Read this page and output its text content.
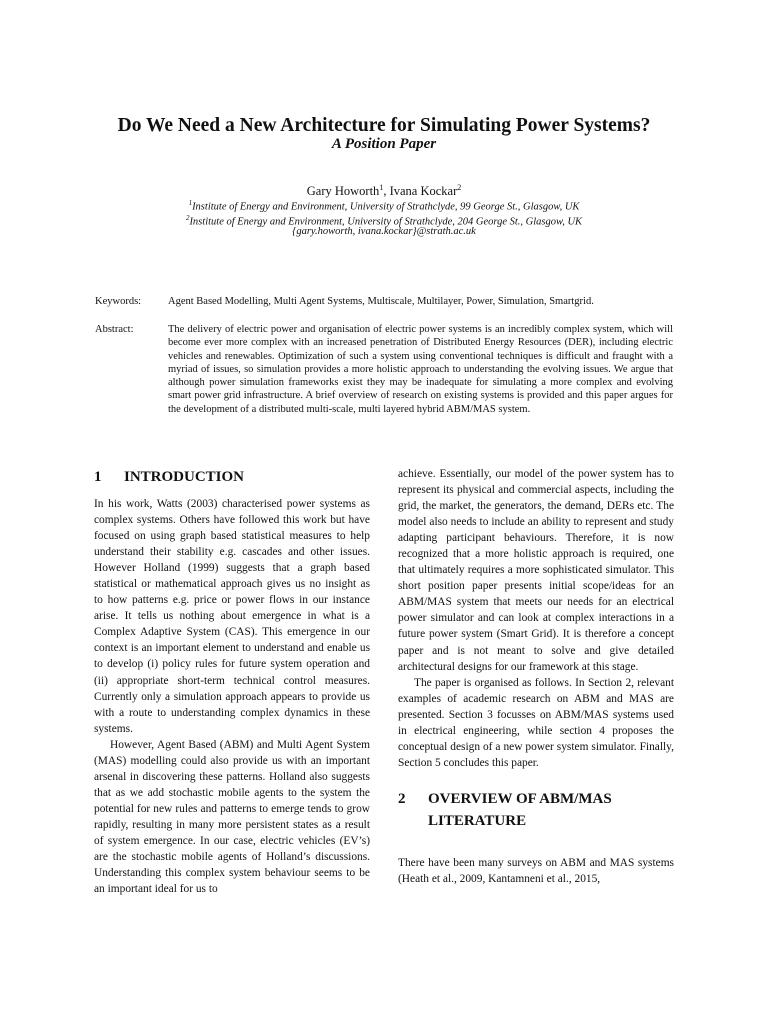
Do We Need a New Architecture for Simulating Power Systems?
A Position Paper
Gary Howorth$^1$, Ivana Kockar$^2$
$^1$Institute of Energy and Environment, University of Strathclyde, 99 George St., Glasgow, UK
$^2$Institute of Energy and Environment, University of Strathclyde, 204 George St., Glasgow, UK
{gary.howorth, ivana.kockar}@strath.ac.uk
Keywords:	Agent Based Modelling, Multi Agent Systems, Multiscale, Multilayer, Power, Simulation, Smartgrid.
Abstract:	The delivery of electric power and organisation of electric power systems is an incredibly complex system, which will become ever more complex with an increased penetration of Distributed Energy Resources (DER), including electric vehicles and renewables. Optimization of such a system using conventional techniques is difficult and fraught with a myriad of issues, so simulation provides a more holistic approach to understanding the evolving issues. We argue that although power simulation frameworks exist they may be inadequate for simulating a more complex and evolving smart power grid infrastructure. A brief overview of research on existing systems is provided and this paper argues for the development of a distributed multi-scale, multi layered hybrid ABM/MAS system.
1 INTRODUCTION

In his work, Watts (2003) characterised power systems as complex systems. Others have followed this work but have focused on using graph based statistical measures to help understand their stability e.g. cascades and other issues. However Holland (1999) suggests that a graph based statistical or mathematical approach gives us no insight as to how patterns e.g. price or power flows in our instance arise. It tells us nothing about emergence in what is a Complex Adaptive System (CAS). This emergence in our context is an important element to understand and enable us to develop (i) policy rules for future system operation and (ii) appropriate short-term technical control measures. Currently only a simulation approach appears to provide us with a route to understanding complex dynamics in these systems.

However, Agent Based (ABM) and Multi Agent System (MAS) modelling could also provide us with an important arsenal in discovering these patterns. Holland also suggests that as we add stochastic mobile agents to the system the potential for new rules and patterns to emerge tends to grow rapidly, resulting in many more persistent states as a result of system emergence. In our case, electric vehicles (EV’s) are the stochastic mobile agents of Holland’s discussions. Understanding this complex system behaviour seems to be an important ideal for us to

achieve. Essentially, our model of the power system has to represent its physical and commercial aspects, including the grid, the market, the generators, the demand, DERs etc. The model also needs to include an ability to represent and study adapting participant behaviours. Therefore, it is now recognized that a more holistic approach is required, one that ultimately requires a more sophisticated simulator. This short position paper presents initial scope/ideas for an ABM/MAS system that meets our needs for an electrical power simulator and can look at complex interactions in a future power system (Smart Grid). It is therefore a concept paper and is not meant to solve and give detailed architectural designs for our framework at this stage.

The paper is organised as follows. In Section 2, relevant examples of academic research on ABM and MAS are presented. Section 3 focusses on ABM/MAS systems used in electrical engineering, while section 4 proposes the conceptual design of a new power system simulator. Finally, Section 5 concludes this paper.

2 OVERVIEW OF ABM/MAS LITERATURE

There have been many surveys on ABM and MAS systems (Heath et al., 2009, Kantamneni et al., 2015,
